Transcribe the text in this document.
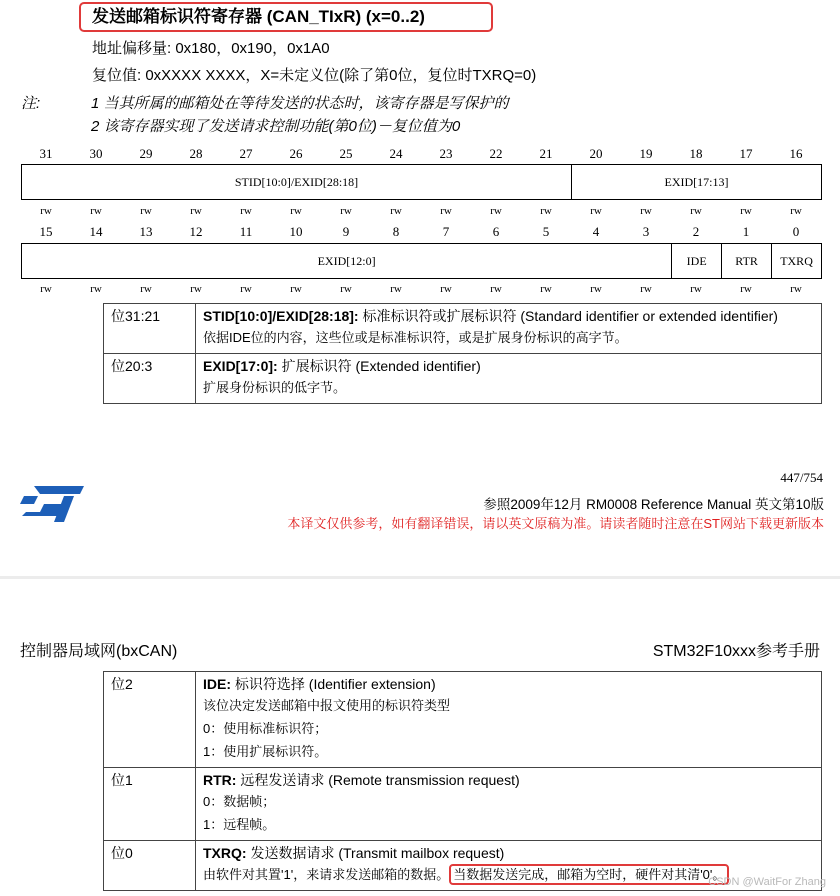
发送邮箱标识符寄存器 (CAN_TIxR) (x=0..2)
地址偏移量: 0x180，0x190，0x1A0
复位值: 0xXXXX XXXX，X=未定义位(除了第0位，复位时TXRQ=0)
注:	1 当其所属的邮箱处在等待发送的状态时，该寄存器是写保护的
2 该寄存器实现了发送请求控制功能(第0位)－复位值为0
31	30	29	28	27	26	25	24	23	22	21	20	19	18	17	16
STID[10:0]/EXID[28:18]	EXID[17:13]
rw	rw	rw	rw	rw	rw	rw	rw	rw	rw	rw	rw	rw	rw	rw	rw
15	14	13	12	11	10	9	8	7	6	5	4	3	2	1	0
EXID[12:0]	IDE	RTR	TXRQ
rw	rw	rw	rw	rw	rw	rw	rw	rw	rw	rw	rw	rw	rw	rw	rw
位31:21	STID[10:0]/EXID[28:18]: 标准标识符或扩展标识符 (Standard identifier or extended identifier)
依据IDE位的内容，这些位或是标准标识符，或是扩展身份标识的高字节。

位20:3	EXID[17:0]: 扩展标识符 (Extended identifier)
扩展身份标识的低字节。
447/754
参照2009年12月 RM0008 Reference Manual 英文第10版
本译文仅供参考，如有翻译错误，请以英文原稿为准。请读者随时注意在ST网站下载更新版本
控制器局域网(bxCAN)	STM32F10xxx参考手册
位2	IDE: 标识符选择 (Identifier extension)
该位决定发送邮箱中报文使用的标识符类型
0：使用标准标识符；
1：使用扩展标识符。

位1	RTR: 远程发送请求 (Remote transmission request)
0：数据帧；
1：远程帧。

位0	TXRQ: 发送数据请求 (Transmit mailbox request)
由软件对其置'1'，来请求发送邮箱的数据。 当数据发送完成，邮箱为空时，硬件对其清'0'。
CSDN @WaitFor Zhang
